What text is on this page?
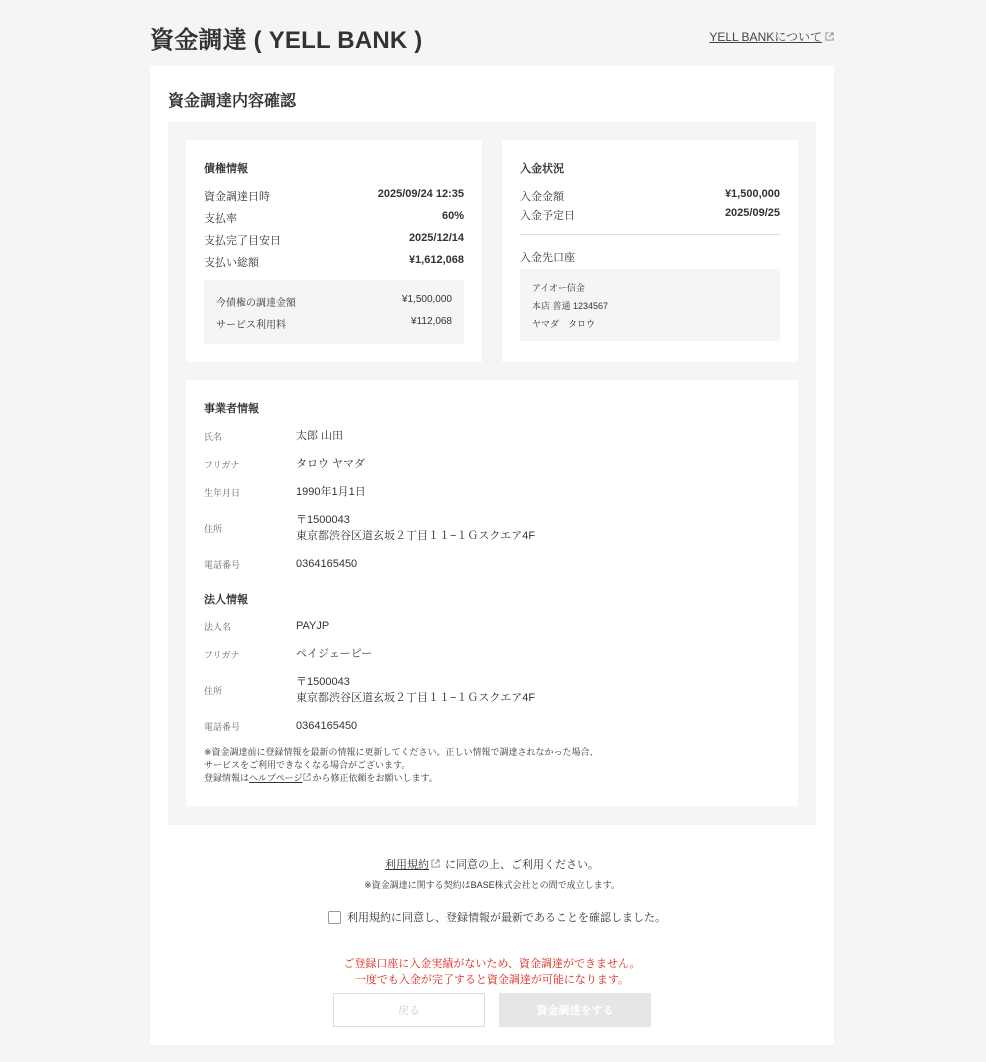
資金調達 ( YELL BANK )	YELL BANKについて
資金調達内容確認
債権情報
資金調達日時	2025/09/24 12:35
支払率	60%
支払完了目安日	2025/12/14
支払い総額	¥1,612,068
今債権の調達金額	¥1,500,000
サービス利用料	¥112,068
入金状況
入金金額	¥1,500,000
入金予定日	2025/09/25
入金先口座
アイオー信金
本店 普通 1234567
ヤマダ　タロウ
事業者情報
氏名	太郎 山田
フリガナ	タロウ ヤマダ
生年月日	1990年1月1日
住所
〒1500043
東京都渋谷区道玄坂２丁目１１−１Ｇスクエア4F
電話番号	0364165450
法人情報
法人名	PAYJP
フリガナ	ペイジェーピー
住所
〒1500043
東京都渋谷区道玄坂２丁目１１−１Ｇスクエア4F
電話番号	0364165450
※資金調達前に登録情報を最新の情報に更新してください。正しい情報で調達されなかった場合、
サービスをご利用できなくなる場合がございます。
登録情報はヘルプページ から修正依頼をお願いします。
利用規約 に同意の上、ご利用ください。
※資金調達に関する契約はBASE株式会社との間で成立します。
利用規約に同意し、登録情報が最新であることを確認しました。
ご登録口座に入金実績がないため、資金調達ができません。
一度でも入金が完了すると資金調達が可能になります。
戻る	資金調達をする
